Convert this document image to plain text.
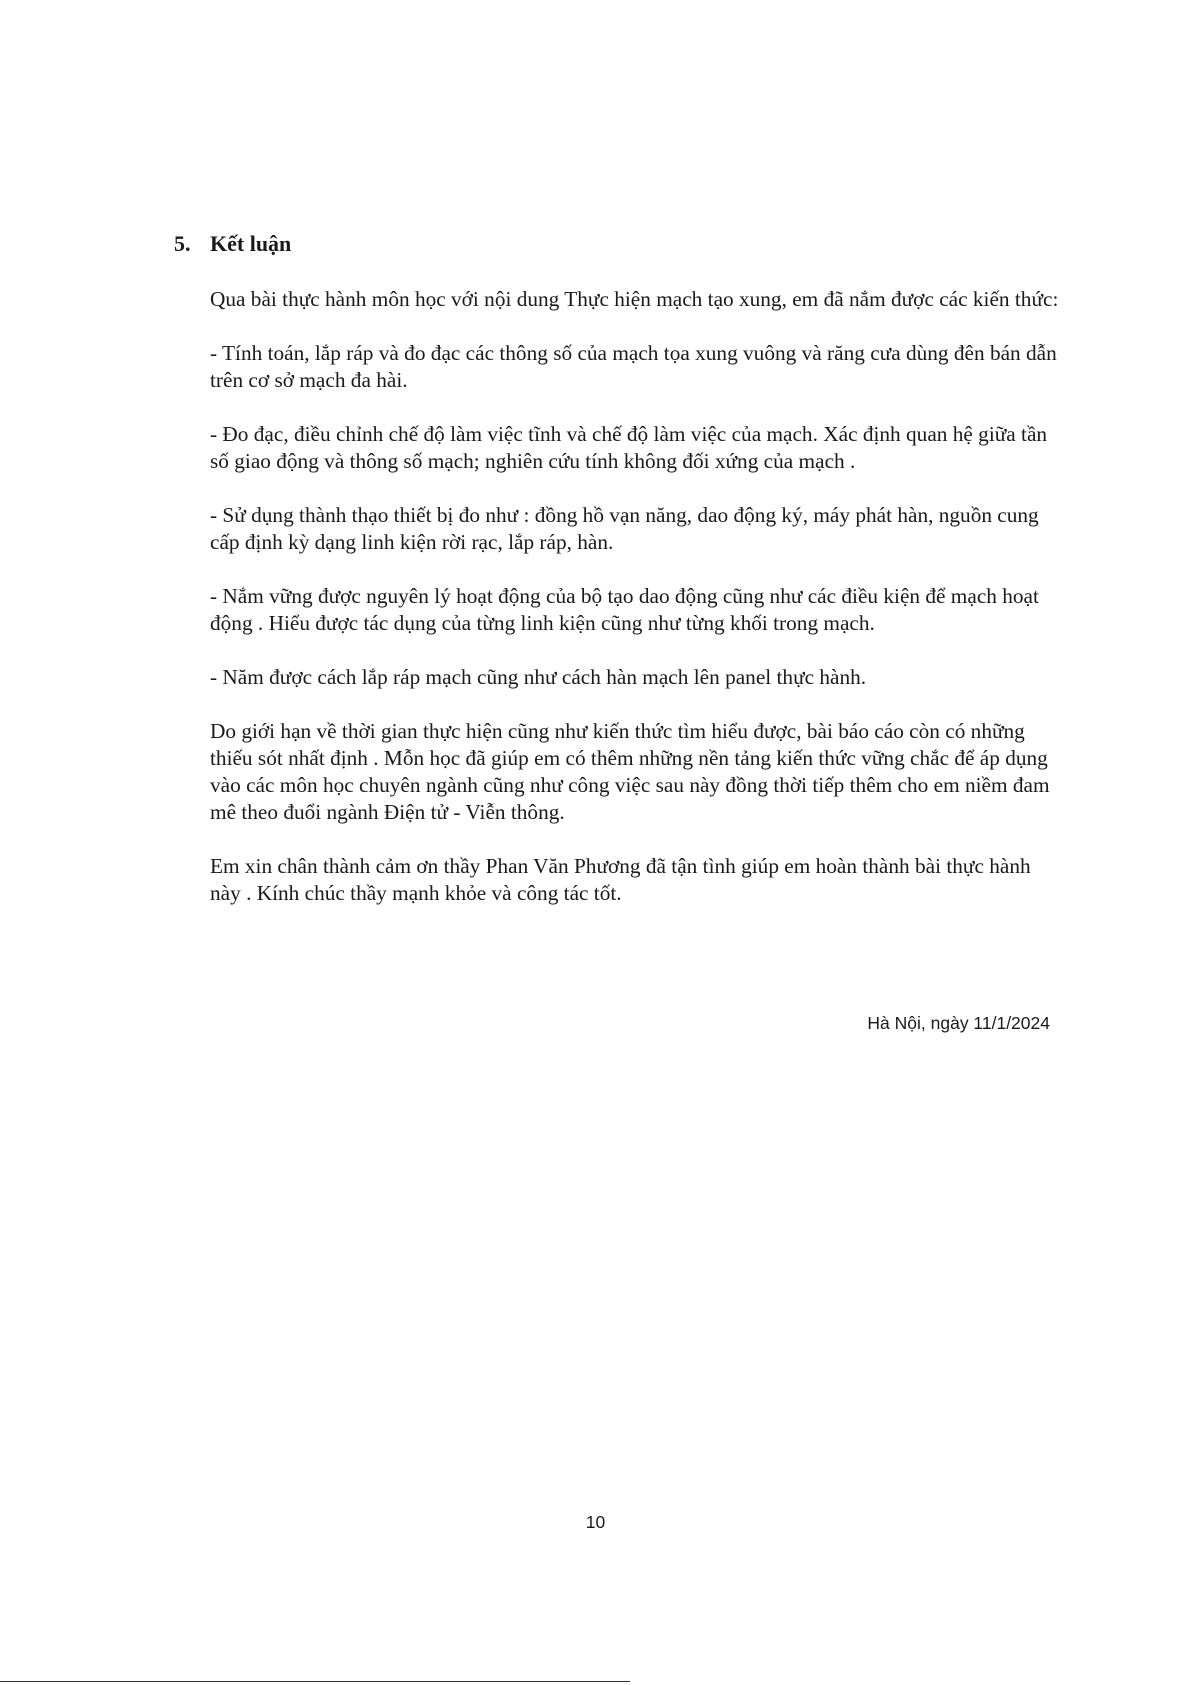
5. Kết luận

Qua bài thực hành môn học với nội dung Thực hiện mạch tạo xung, em đã nắm được các kiến thức:

- Tính toán, lắp ráp và đo đạc các thông số của mạch tọa xung vuông và răng cưa dùng đên bán dẫn trên cơ sở mạch đa hài.

- Đo đạc, điều chỉnh chế độ làm việc tĩnh và chế độ làm việc của mạch. Xác định quan hệ giữa tần số giao động và thông số mạch; nghiên cứu tính không đối xứng của mạch .

- Sử dụng thành thạo thiết bị đo như : đồng hồ vạn năng, dao động ký, máy phát hàn, nguồn cung cấp định kỳ dạng linh kiện rời rạc, lắp ráp, hàn.

- Nắm vững được nguyên lý hoạt động của bộ tạo dao động cũng như các điều kiện để mạch hoạt động . Hiểu được tác dụng của từng linh kiện cũng như từng khối trong mạch.

- Năm được cách lắp ráp mạch cũng như cách hàn mạch lên panel thực hành.

Do giới hạn về thời gian thực hiện cũng như kiến thức tìm hiểu được, bài báo cáo còn có những thiếu sót nhất định . Mỗn học đã giúp em có thêm những nền tảng kiến thức vững chắc để áp dụng vào các môn học chuyên ngành cũng như công việc sau này đồng thời tiếp thêm cho em niềm đam mê theo đuổi ngành Điện tử - Viễn thông.

Em xin chân thành cảm ơn thầy Phan Văn Phương đã tận tình giúp em hoàn thành bài thực hành này . Kính chúc thầy mạnh khỏe và công tác tốt.

Hà Nội, ngày 11/1/2024
10
